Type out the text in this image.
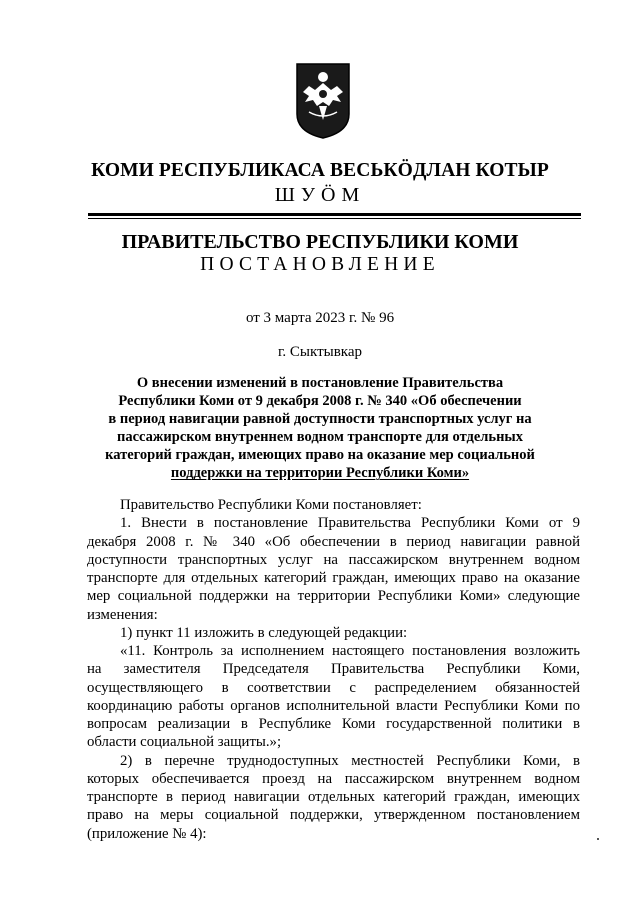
КОМИ РЕСПУБЛИКАСА ВЕСЬКӦДЛАН КОТЫР
ШУӦМ
ПРАВИТЕЛЬСТВО РЕСПУБЛИКИ КОМИ
ПОСТАНОВЛЕНИЕ
от 3 марта 2023 г. № 96
г. Сыктывкар
О внесении изменений в постановление Правительства
Республики Коми от 9 декабря 2008 г. № 340 «Об обеспечении
в период навигации равной доступности транспортных услуг на
пассажирском внутреннем водном транспорте для отдельных
категорий граждан, имеющих право на оказание мер социальной
поддержки на территории Республики Коми»
Правительство Республики Коми постановляет:
1. Внести в постановление Правительства Республики Коми от 9
декабря 2008 г. № 340 «Об обеспечении в период навигации равной
доступности транспортных услуг на пассажирском внутреннем водном
транспорте для отдельных категорий граждан, имеющих право на оказание
мер социальной поддержки на территории Республики Коми» следующие
изменения:
1) пункт 11 изложить в следующей редакции:
«11. Контроль за исполнением настоящего постановления возложить
на заместителя Председателя Правительства Республики Коми,
осуществляющего в соответствии с распределением обязанностей
координацию работы органов исполнительной власти Республики Коми по
вопросам реализации в Республике Коми государственной политики в
области социальной защиты.»;
2) в перечне труднодоступных местностей Республики Коми, в
которых обеспечивается проезд на пассажирском внутреннем водном
транспорте в период навигации отдельных категорий граждан, имеющих
право на меры социальной поддержки, утвержденном постановлением
(приложение № 4):
